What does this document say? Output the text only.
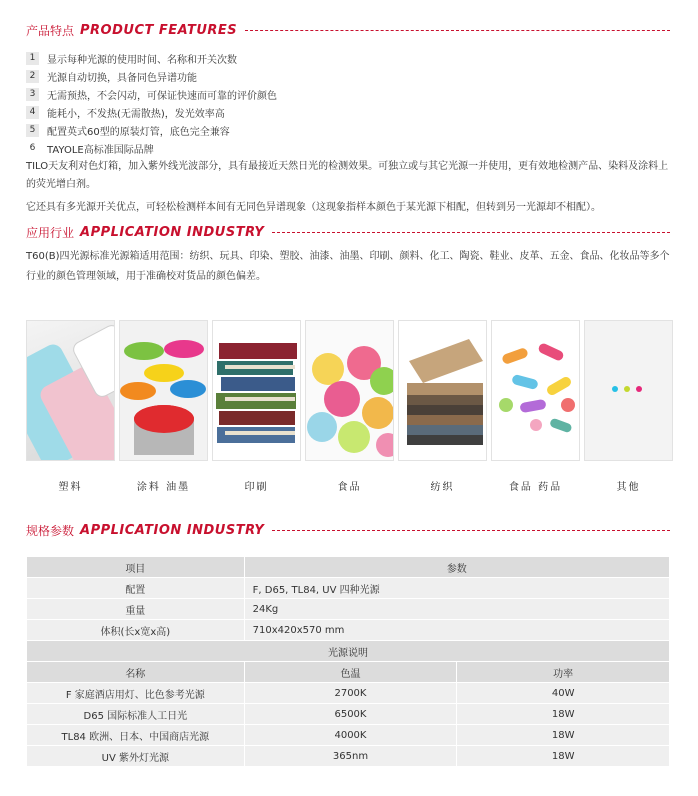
产品特点 PRODUCT FEATURES
1	显示每种光源的使用时间、名称和开关次数
2	光源自动切换，具备同色异谱功能
3	无需预热，不会闪动，可保证快速而可靠的评价颜色
4	能耗小，不发热(无需散热)，发光效率高
5	配置英式60型的原装灯管，底色完全兼容
6	TAYOLE高标准国际品牌
TILO天友利对色灯箱，加入紫外线光波部分，具有最接近天然日光的检测效果。可独立或与其它光源一并使用，更有效地检测产品、染料及涂料上的荧光增白剂。
它还具有多光源开关优点，可轻松检测样本间有无同色异谱现象（这现象指样本颜色于某光源下相配，但转到另一光源却不相配）。
应用行业 APPLICATION INDUSTRY
T60(B)四光源标准光源箱适用范围：纺织、玩具、印染、塑胶、油漆、油墨、印刷、颜料、化工、陶瓷、鞋业、皮革、五金、食品、化妆品等多个行业的颜色管理领域，用于准确校对货品的颜色偏差。
塑料	涂料 油墨	印刷	食品	纺织	食品 药品	其他
规格参数 APPLICATION INDUSTRY
项目	参数	
配置	F, D65, TL84, UV 四种光源	
重量	24Kg	
体积(长x宽x高)	710x420x570 mm	
光源说明		
名称	色温	功率
F 家庭酒店用灯、比色参考光源	2700K	40W
D65 国际标准人工日光	6500K	18W
TL84 欧洲、日本、中国商店光源	4000K	18W
UV 紫外灯光源	365nm	18W
